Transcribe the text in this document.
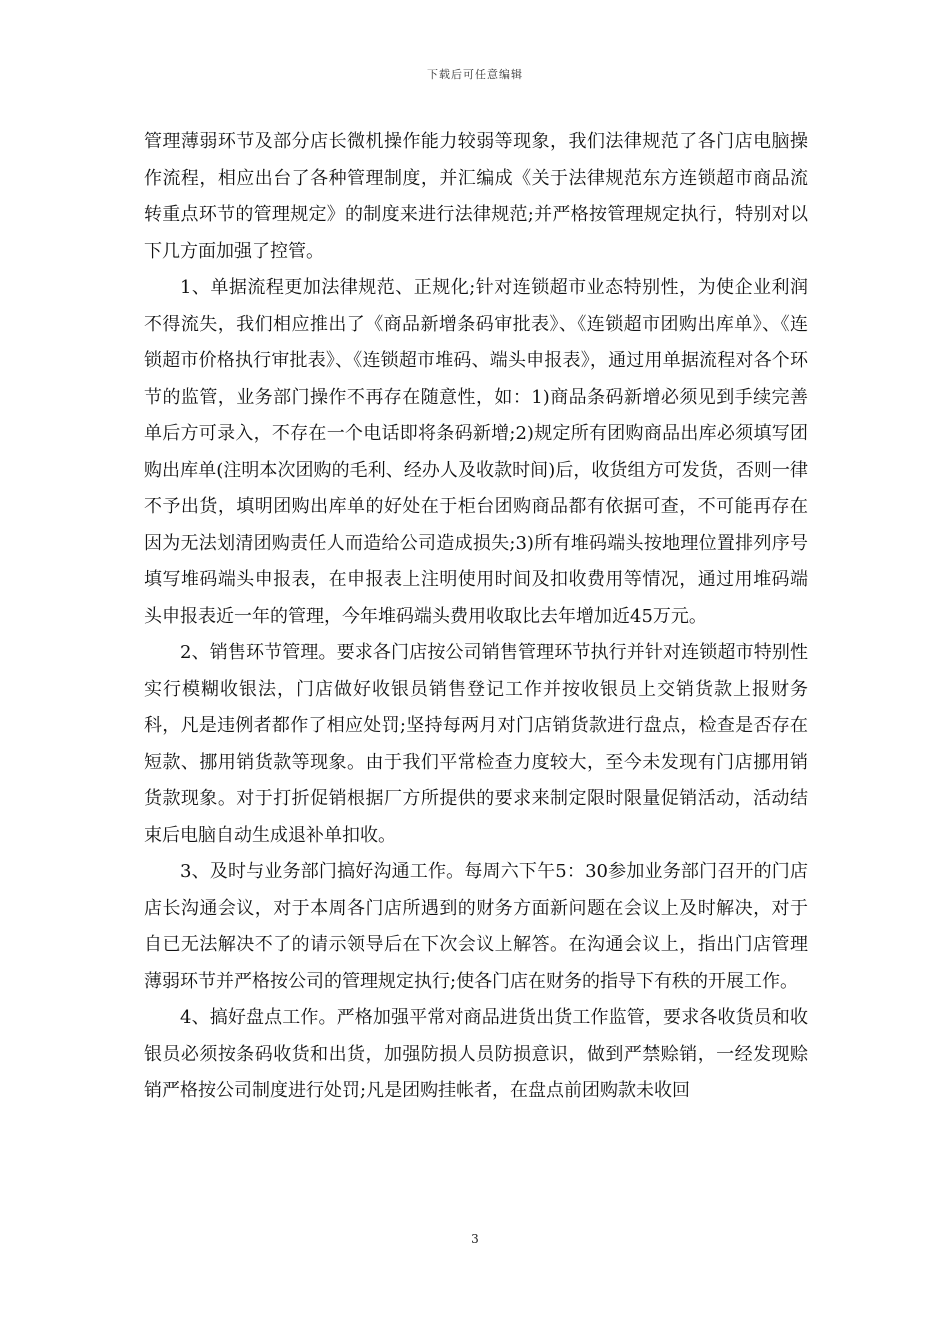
下载后可任意编辑

管理薄弱环节及部分店长微机操作能力较弱等现象，我们法律规范了各门店电脑操作流程，相应出台了各种管理制度，并汇编成《关于法律规范东方连锁超市商品流转重点环节的管理规定》的制度来进行法律规范;并严格按管理规定执行，特别对以下几方面加强了控管。

1、单据流程更加法律规范、正规化;针对连锁超市业态特别性，为使企业利润不得流失，我们相应推出了《商品新增条码审批表》、《连锁超市团购出库单》、《连锁超市价格执行审批表》、《连锁超市堆码、端头申报表》，通过用单据流程对各个环节的监管，业务部门操作不再存在随意性，如：1)商品条码新增必须见到手续完善单后方可录入，不存在一个电话即将条码新增;2)规定所有团购商品出库必须填写团购出库单(注明本次团购的毛利、经办人及收款时间)后，收货组方可发货，否则一律不予出货，填明团购出库单的好处在于柜台团购商品都有依据可查，不可能再存在因为无法划清团购责任人而造给公司造成损失;3)所有堆码端头按地理位置排列序号填写堆码端头申报表，在申报表上注明使用时间及扣收费用等情况，通过用堆码端头申报表近一年的管理，今年堆码端头费用收取比去年增加近45万元。

2、销售环节管理。要求各门店按公司销售管理环节执行并针对连锁超市特别性实行模糊收银法，门店做好收银员销售登记工作并按收银员上交销货款上报财务科，凡是违例者都作了相应处罚;坚持每两月对门店销货款进行盘点，检查是否存在短款、挪用销货款等现象。由于我们平常检查力度较大，至今未发现有门店挪用销货款现象。对于打折促销根据厂方所提供的要求来制定限时限量促销活动，活动结束后电脑自动生成退补单扣收。

3、及时与业务部门搞好沟通工作。每周六下午5：30参加业务部门召开的门店店长沟通会议，对于本周各门店所遇到的财务方面新问题在会议上及时解决，对于自已无法解决不了的请示领导后在下次会议上解答。在沟通会议上，指出门店管理薄弱环节并严格按公司的管理规定执行;使各门店在财务的指导下有秩的开展工作。

4、搞好盘点工作。严格加强平常对商品进货出货工作监管，要求各收货员和收银员必须按条码收货和出货，加强防损人员防损意识，做到严禁赊销，一经发现赊销严格按公司制度进行处罚;凡是团购挂帐者，在盘点前团购款未收回

3
